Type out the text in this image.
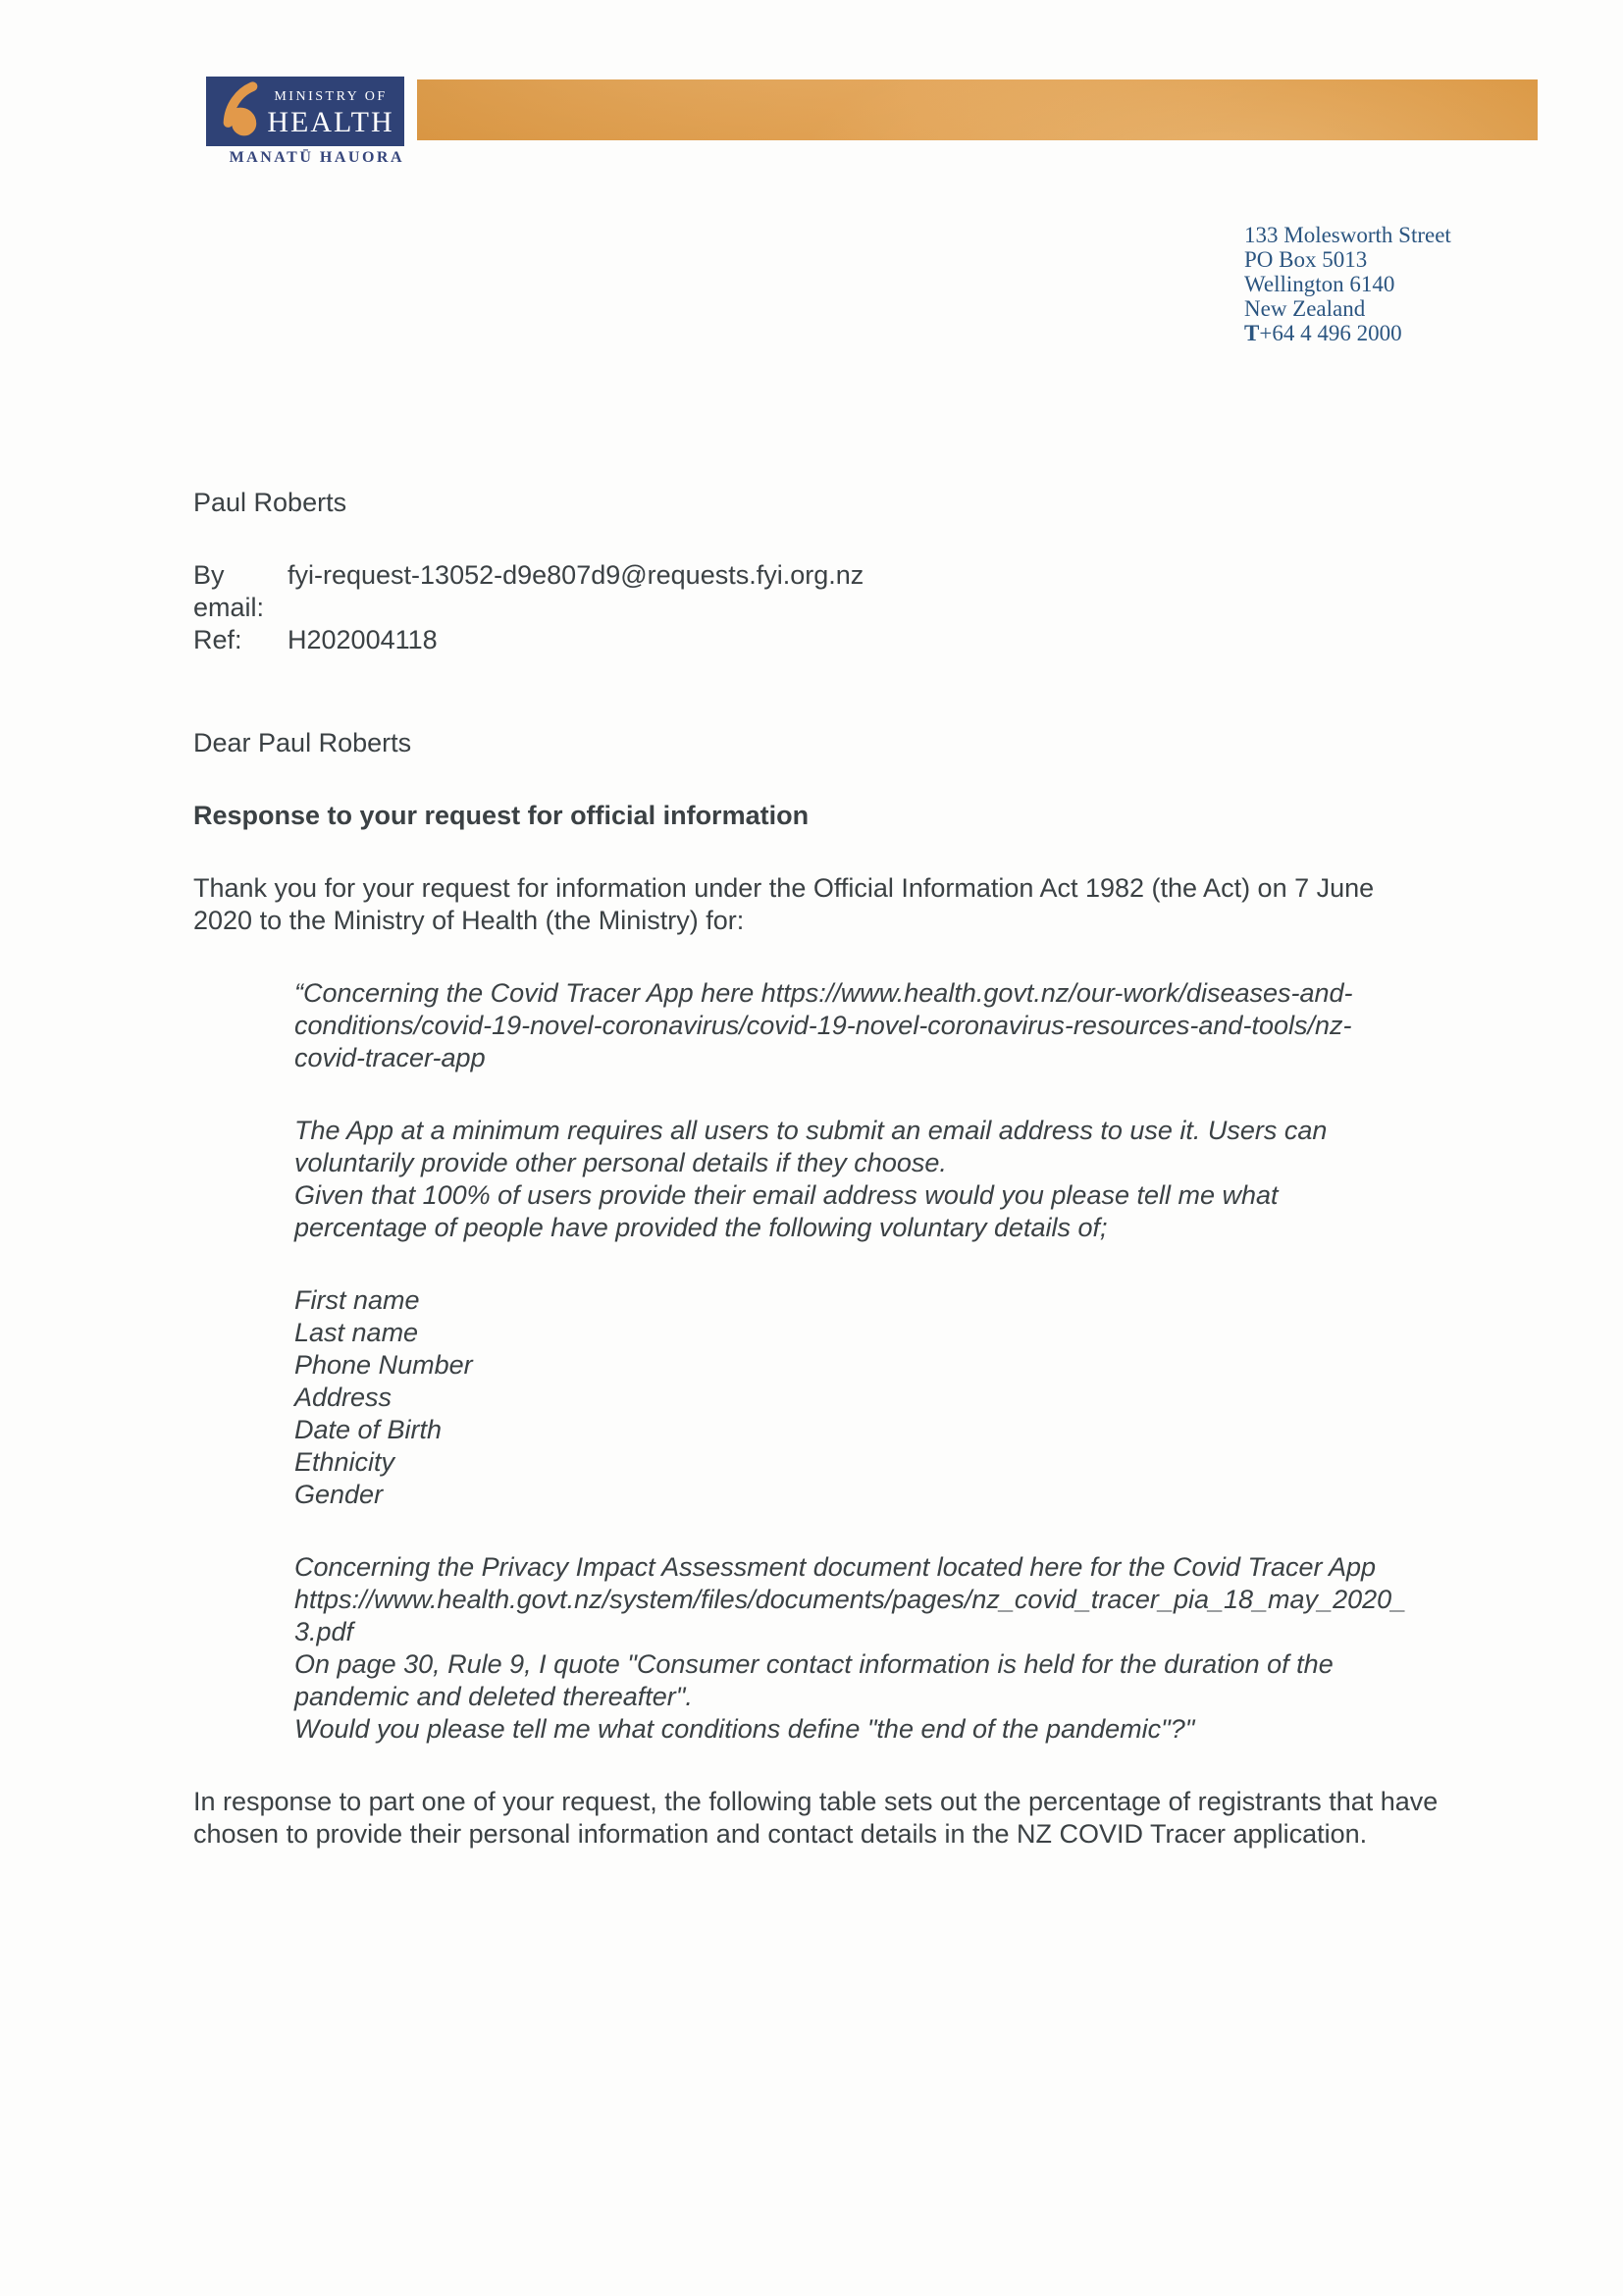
MINISTRY OF
HEALTH
MANATŪ HAUORA
133 Molesworth Street
PO Box 5013
Wellington 6140
New Zealand
T+64 4 496 2000
Paul Roberts
By email:
fyi-request-13052-d9e807d9@requests.fyi.org.nz
Ref:	H202004118
Dear Paul Roberts
Response to your request for official information
Thank you for your request for information under the Official Information Act 1982 (the Act) on 7 June 2020 to the Ministry of Health (the Ministry) for:
“Concerning the Covid Tracer App here https://www.health.govt.nz/our-work/diseases-and-conditions/covid-19-novel-coronavirus/covid-19-novel-coronavirus-resources-and-tools/nz-covid-tracer-app
The App at a minimum requires all users to submit an email address to use it. Users can voluntarily provide other personal details if they choose.
Given that 100% of users provide their email address would you please tell me what percentage of people have provided the following voluntary details of;
First name
Last name
Phone Number
Address
Date of Birth
Ethnicity
Gender
Concerning the Privacy Impact Assessment document located here for the Covid Tracer App
https://www.health.govt.nz/system/files/documents/pages/nz_covid_tracer_pia_18_may_2020_3.pdf
On page 30, Rule 9, I quote "Consumer contact information is held for the duration of the pandemic and deleted thereafter".
Would you please tell me what conditions define "the end of the pandemic"?"
In response to part one of your request, the following table sets out the percentage of registrants that have chosen to provide their personal information and contact details in the NZ COVID Tracer application.
